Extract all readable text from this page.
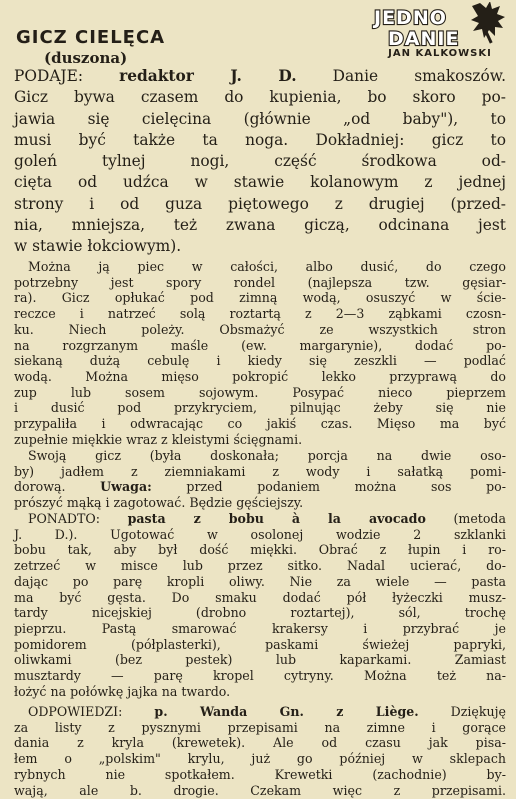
GICZ CIELĘCA
(duszona)
JEDNO
DANIE
JAN KALKOWSKI
PODAJE: redaktor J. D. Danie smakoszów.
Gicz bywa czasem do kupienia, bo skoro po-
jawia się cielęcina (głównie „od baby"), to
musi być także ta noga. Dokładniej: gicz to
goleń tylnej nogi, część środkowa od-
cięta od udźca w stawie kolanowym z jednej
strony i od guza piętowego z drugiej (przed-
nia, mniejsza, też zwana giczą, odcinana jest
w stawie łokciowym).
Można ją piec w całości, albo dusić, do czego
potrzebny jest spory rondel (najlepsza tzw. gęsiar-
ra). Gicz opłukać pod zimną wodą, osuszyć w ście-
reczce i natrzeć solą roztartą z 2—3 ząbkami czosn-
ku. Niech poleży. Obsmażyć ze wszystkich stron
na rozgrzanym maśle (ew. margarynie), dodać po-
siekaną dużą cebulę i kiedy się zeszkli — podlać
wodą. Można mięso pokropić lekko przyprawą do
zup lub sosem sojowym. Posypać nieco pieprzem
i dusić pod przykryciem, pilnując żeby się nie
przypaliła i odwracając co jakiś czas. Mięso ma być
zupełnie miękkie wraz z kleistymi ścięgnami.
Swoją gicz (była doskonała; porcja na dwie oso-
by) jadłem z ziemniakami z wody i sałatką pomi-
dorową. Uwaga: przed podaniem można sos po-
prószyć mąką i zagotować. Będzie gęściejszy.
PONADTO: pasta z bobu à la avocado (metoda
J. D.). Ugotować w osolonej wodzie 2 szklanki
bobu tak, aby był dość miękki. Obrać z łupin i ro-
zetrzeć w misce lub przez sitko. Nadal ucierać, do-
dając po parę kropli oliwy. Nie za wiele — pasta
ma być gęsta. Do smaku dodać pół łyżeczki musz-
tardy nicejskiej (drobno roztartej), sól, trochę
pieprzu. Pastą smarować krakersy i przybrać je
pomidorem (półplasterki), paskami świeżej papryki,
oliwkami (bez pestek) lub kaparkami. Zamiast
musztardy — parę kropel cytryny. Można też na-
łożyć na połówkę jajka na twardo.
ODPOWIEDZI:	p. Wanda Gn. z Liège.	Dziękuję
za listy z pysznymi przepisami na zimne i gorące
dania z kryla (krewetek). Ale od czasu jak pisa-
łem o „polskim" krylu, już go później w sklepach
rybnych nie spotkałem. Krewetki (zachodnie) by-
wają, ale b. drogie. Czekam więc z przepisami.
